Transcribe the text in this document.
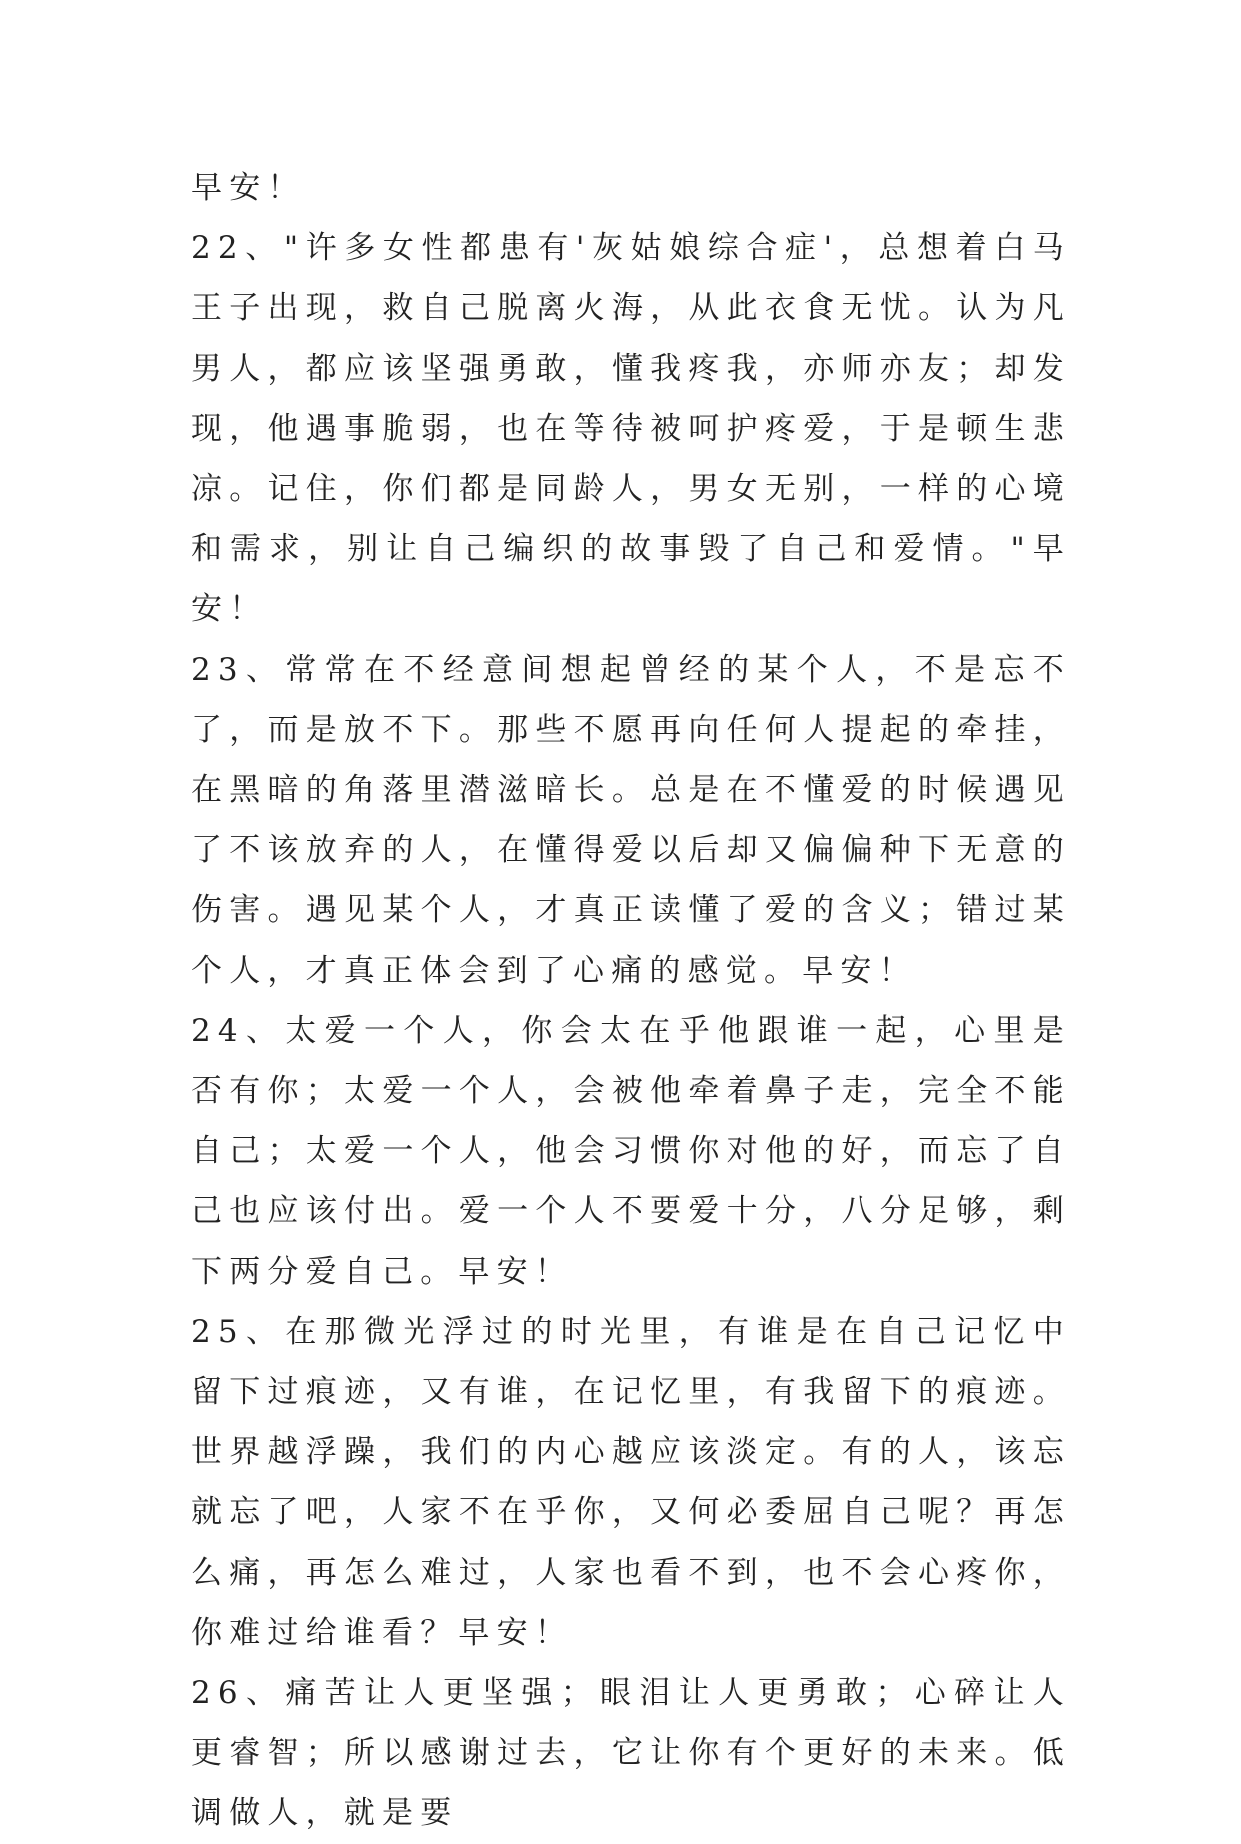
早安！

22、"许多女性都患有'灰姑娘综合症'，总想着白马王子出现，救自己脱离火海，从此衣食无忧。认为凡男人，都应该坚强勇敢，懂我疼我，亦师亦友；却发现，他遇事脆弱，也在等待被呵护疼爱，于是顿生悲凉。记住，你们都是同龄人，男女无别，一样的心境和需求，别让自己编织的故事毁了自己和爱情。"早安！

23、常常在不经意间想起曾经的某个人，不是忘不了，而是放不下。那些不愿再向任何人提起的牵挂，在黑暗的角落里潜滋暗长。总是在不懂爱的时候遇见了不该放弃的人，在懂得爱以后却又偏偏种下无意的伤害。遇见某个人，才真正读懂了爱的含义；错过某个人，才真正体会到了心痛的感觉。早安！

24、太爱一个人，你会太在乎他跟谁一起，心里是否有你；太爱一个人，会被他牵着鼻子走，完全不能自己；太爱一个人，他会习惯你对他的好，而忘了自己也应该付出。爱一个人不要爱十分，八分足够，剩下两分爱自己。早安！

25、在那微光浮过的时光里，有谁是在自己记忆中留下过痕迹，又有谁，在记忆里，有我留下的痕迹。世界越浮躁，我们的内心越应该淡定。有的人，该忘就忘了吧，人家不在乎你，又何必委屈自己呢？再怎么痛，再怎么难过，人家也看不到，也不会心疼你，你难过给谁看？早安！

26、痛苦让人更坚强；眼泪让人更勇敢；心碎让人更睿智；所以感谢过去，它让你有个更好的未来。低调做人，就是要
